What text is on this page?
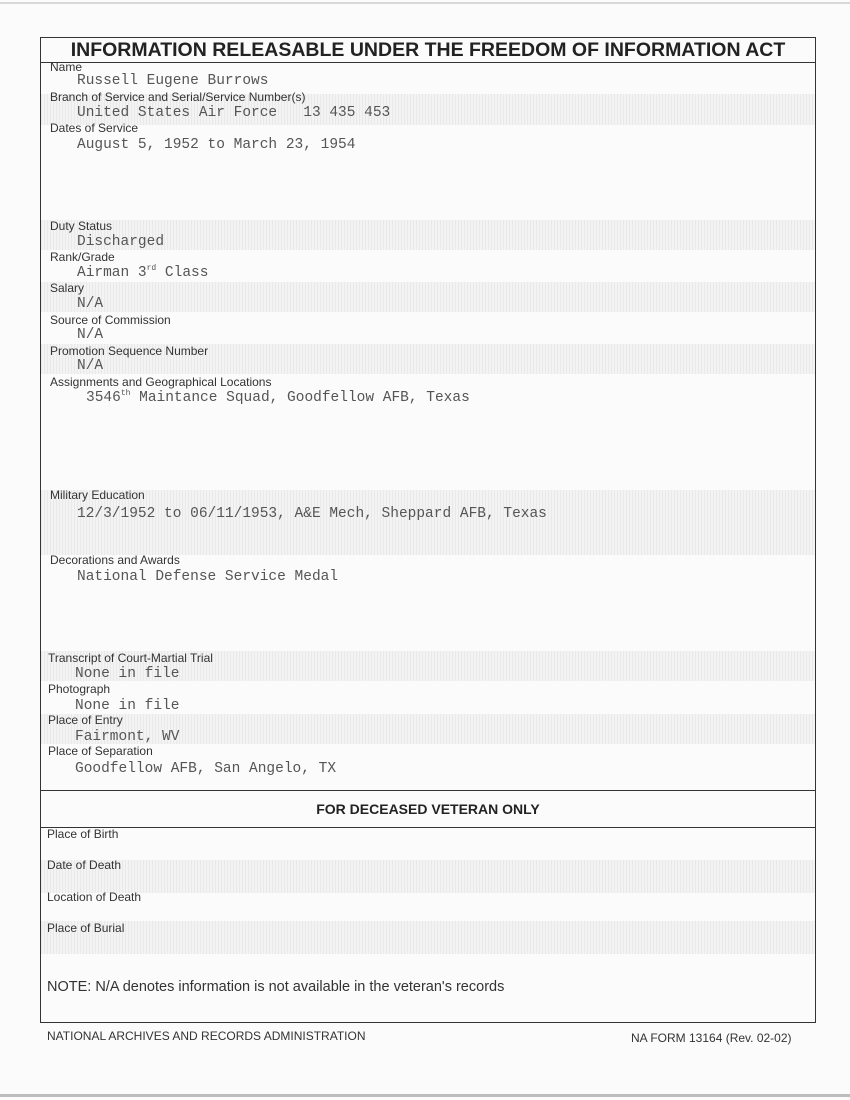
INFORMATION RELEASABLE UNDER THE FREEDOM OF INFORMATION ACT
Name
Russell Eugene Burrows
Branch of Service and Serial/Service Number(s)
United States Air Force   13 435 453
Dates of Service
August 5, 1952 to March 23, 1954
Duty Status
Discharged
Rank/Grade
Airman 3rd Class
Salary
N/A
Source of Commission
N/A
Promotion Sequence Number
N/A
Assignments and Geographical Locations
3546th Maintance Squad, Goodfellow AFB, Texas
Military Education
12/3/1952 to 06/11/1953, A&E Mech, Sheppard AFB, Texas
Decorations and Awards
National Defense Service Medal
Transcript of Court-Martial Trial
None in file
Photograph
None in file
Place of Entry
Fairmont, WV
Place of Separation
Goodfellow AFB, San Angelo, TX
FOR DECEASED VETERAN ONLY
Place of Birth
Date of Death
Location of Death
Place of Burial
NOTE: N/A denotes information is not available in the veteran's records
NATIONAL ARCHIVES AND RECORDS ADMINISTRATION	NA FORM 13164 (Rev. 02-02)
